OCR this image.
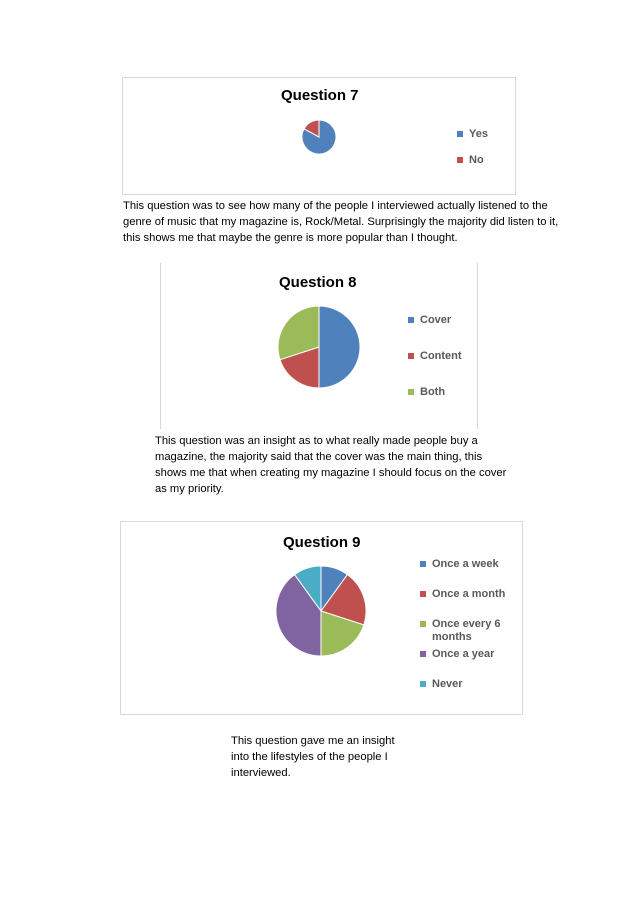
Question 7
Yes
No

This question was to see how many of the people I interviewed actually listened to the genre of music that my magazine is, Rock/Metal. Surprisingly the majority did listen to it, this shows me that maybe the genre is more popular than I thought.

Question 8
Cover
Content
Both

This question was an insight as to what really made people buy a magazine, the majority said that the cover was the main thing, this shows me that when creating my magazine I should focus on the cover as my priority.

Question 9
Once a week
Once a month
Once every 6 months
Once a year
Never

This question gave me an insight into the lifestyles of the people I interviewed.
